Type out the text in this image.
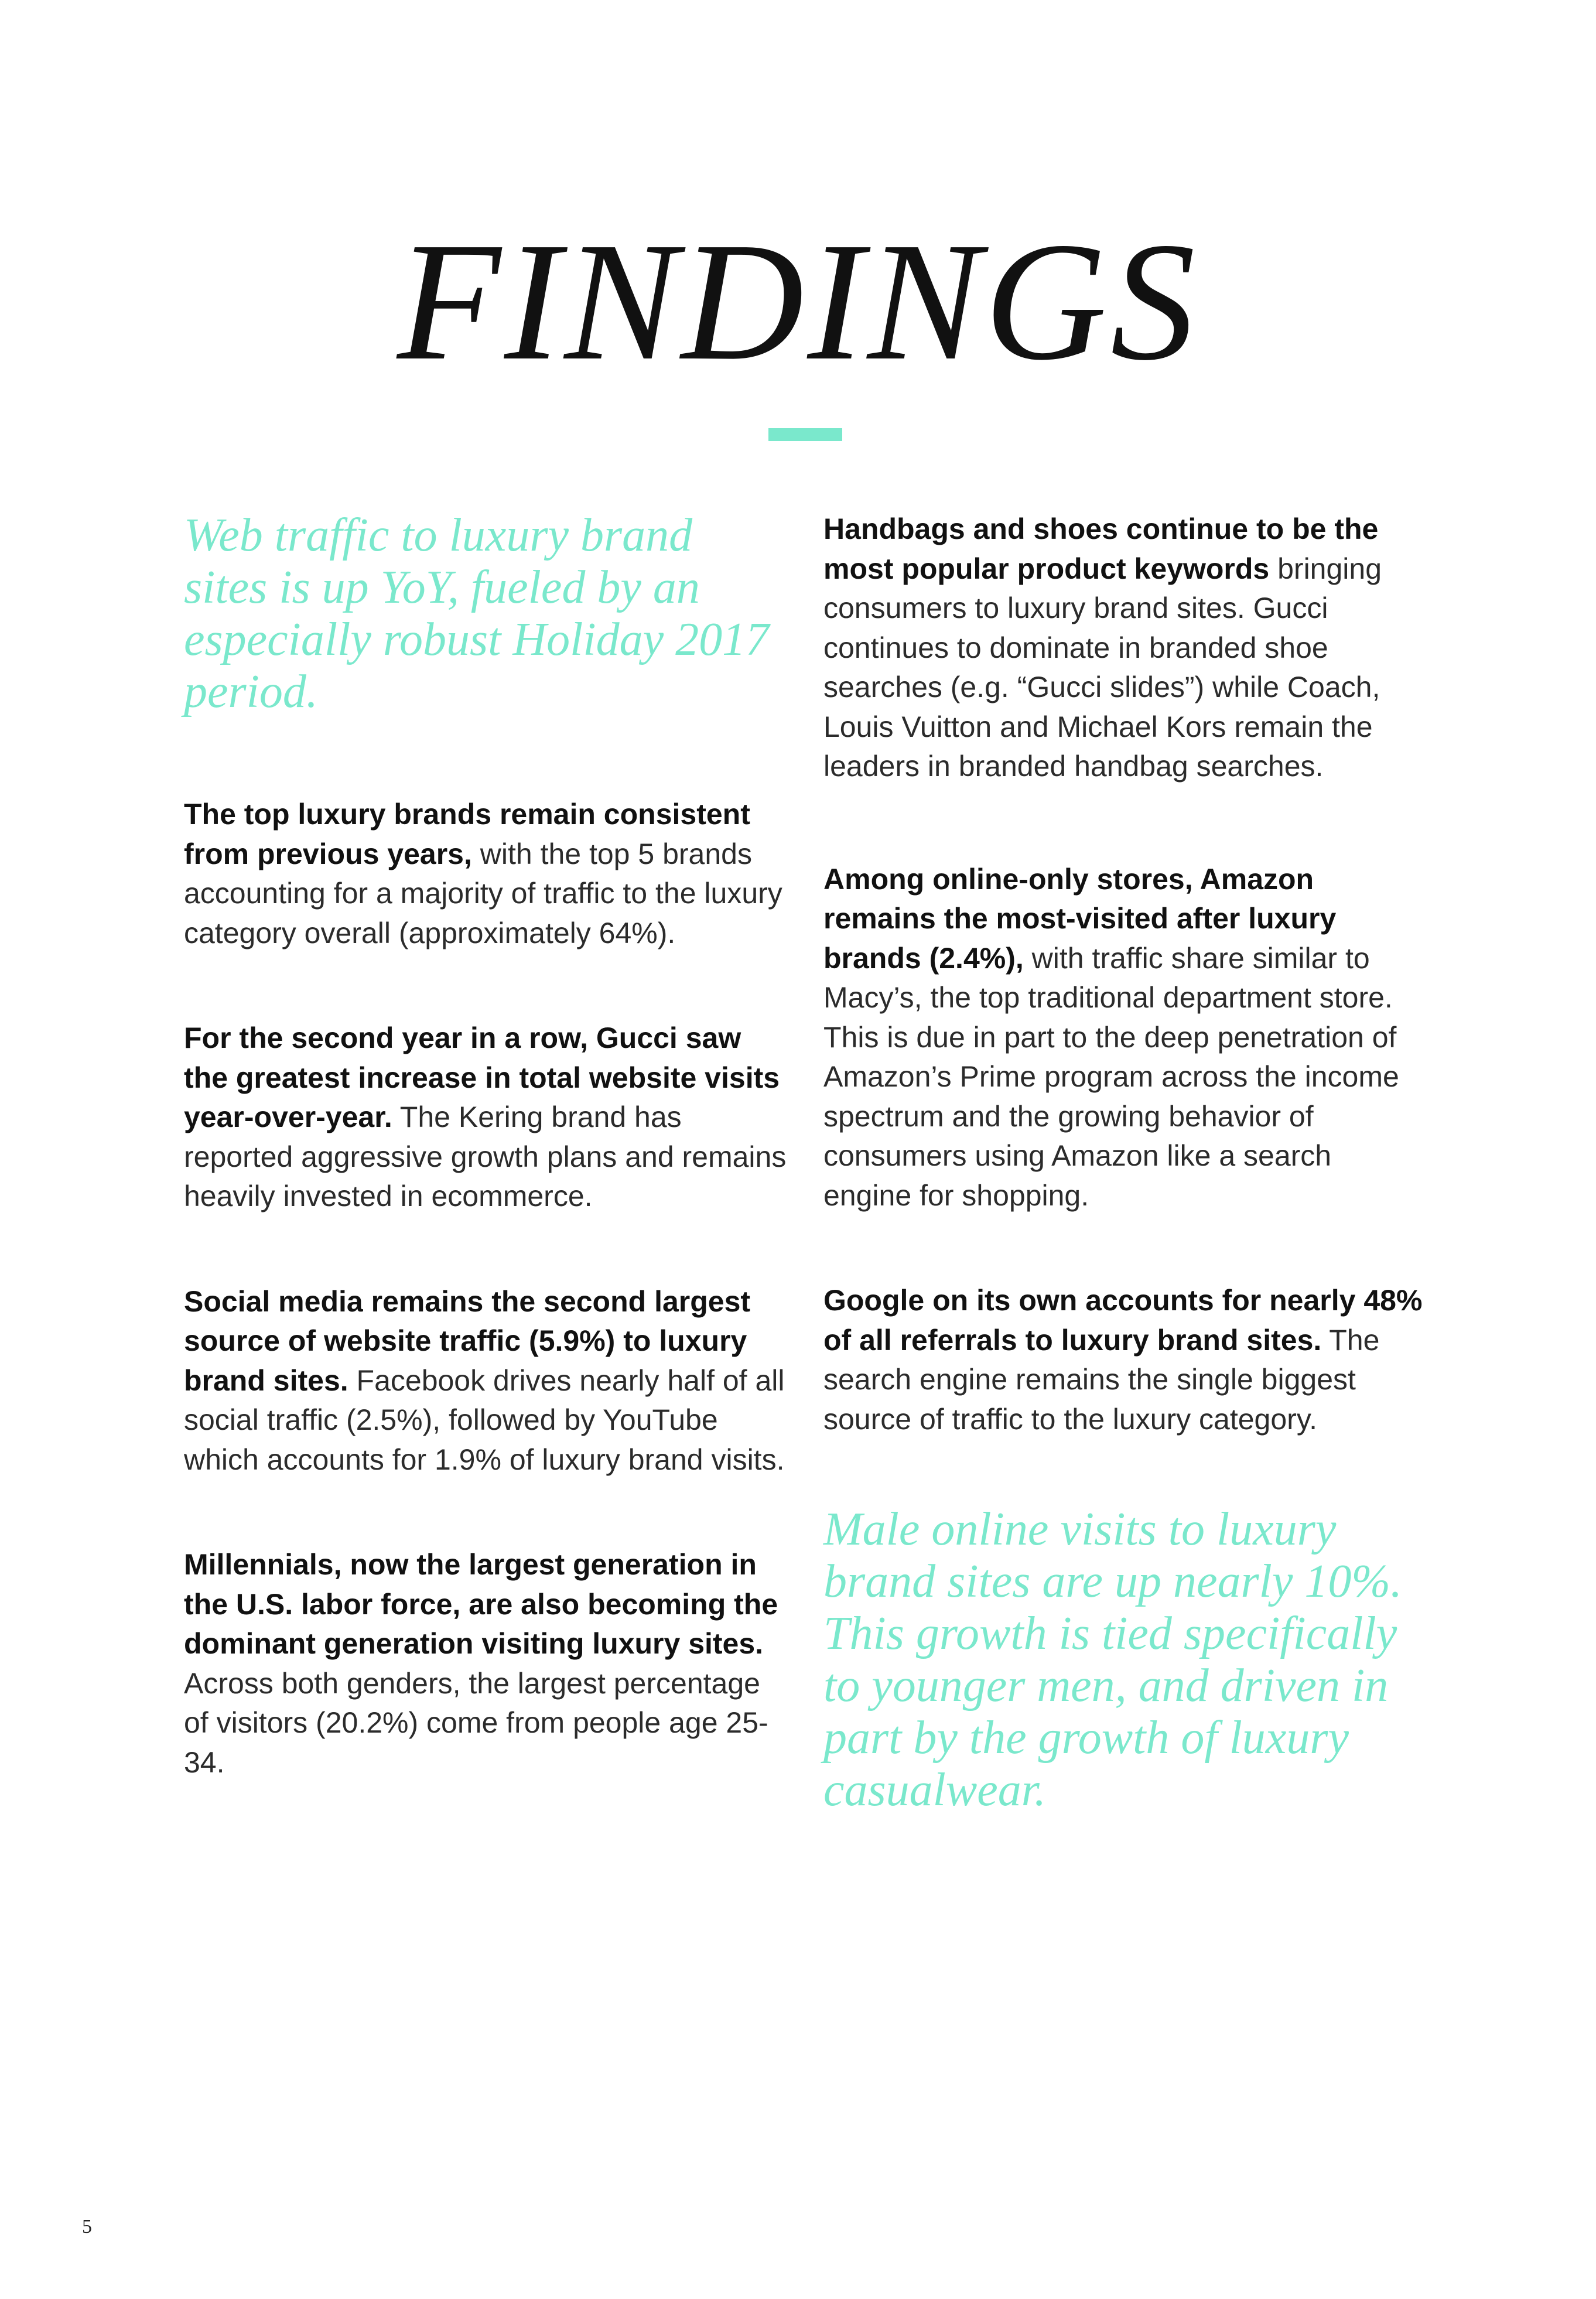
FINDINGS

Web traffic to luxury brand sites is up YoY, fueled by an especially robust Holiday 2017 period.

The top luxury brands remain consistent from previous years, with the top 5 brands accounting for a majority of traffic to the luxury category overall (approximately 64%).

For the second year in a row, Gucci saw the greatest increase in total website visits year-over-year. The Kering brand has reported aggressive growth plans and remains heavily invested in ecommerce.

Social media remains the second largest source of website traffic (5.9%) to luxury brand sites. Facebook drives nearly half of all social traffic (2.5%), followed by YouTube which accounts for 1.9% of luxury brand visits.

Millennials, now the largest generation in the U.S. labor force, are also becoming the dominant generation visiting luxury sites. Across both genders, the largest percentage of visitors (20.2%) come from people age 25-34.

Handbags and shoes continue to be the most popular product keywords bringing consumers to luxury brand sites. Gucci continues to dominate in branded shoe searches (e.g. “Gucci slides”) while Coach, Louis Vuitton and Michael Kors remain the leaders in branded handbag searches.

Among online-only stores, Amazon remains the most-visited after luxury brands (2.4%), with traffic share similar to Macy’s, the top traditional department store. This is due in part to the deep penetration of Amazon’s Prime program across the income spectrum and the growing behavior of consumers using Amazon like a search engine for shopping.

Google on its own accounts for nearly 48% of all referrals to luxury brand sites. The search engine remains the single biggest source of traffic to the luxury category.

Male online visits to luxury brand sites are up nearly 10%. This growth is tied specifically to younger men, and driven in part by the growth of luxury casualwear.

5
